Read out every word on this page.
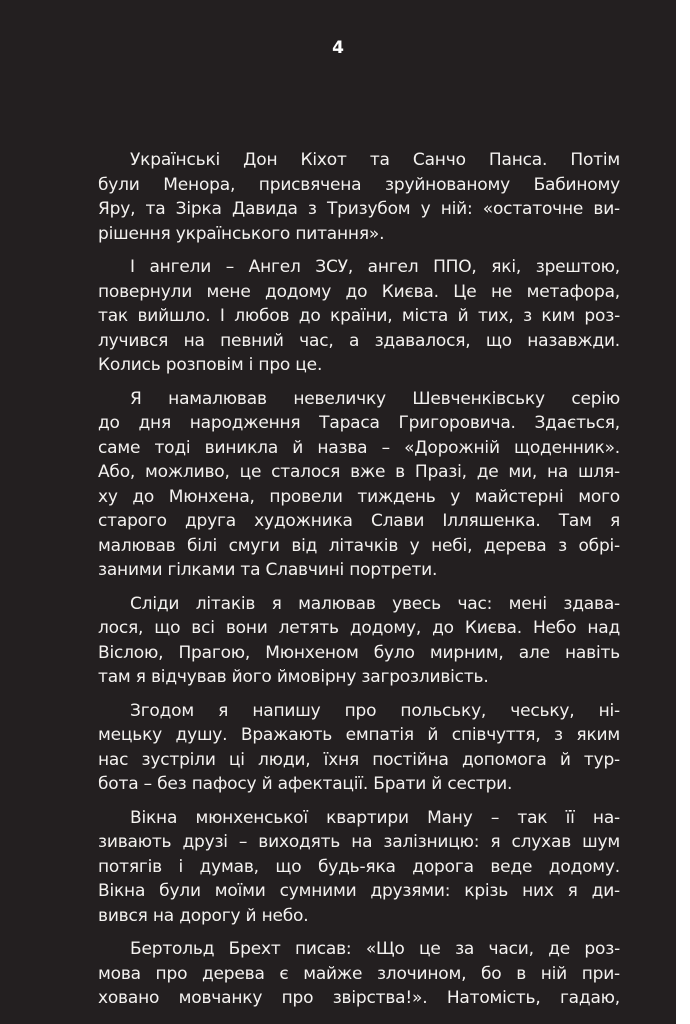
4
Українські Дон Кіхот та Санчо Панса. Потім
були Менора, присвячена зруйнованому Бабиному
Яру, та Зірка Давида з Тризубом у ній: «остаточне ви-
рішення українського питання».
І ангели – Ангел ЗСУ, ангел ППО, які, зрештою,
повернули мене додому до Києва. Це не метафора,
так вийшло. І любов до країни, міста й тих, з ким роз-
лучився на певний час, а здавалося, що назавжди.
Колись розповім і про це.
Я намалював невеличку Шевченківську серію
до дня народження Тараса Григоровича. Здається,
саме тоді виникла й назва – «Дорожній щоденник».
Або, можливо, це сталося вже в Празі, де ми, на шля-
ху до Мюнхена, провели тиждень у майстерні мого
старого друга художника Слави Ілляшенка. Там я
малював білі смуги від літачків у небі, дерева з обрі-
заними гілками та Славчині портрети.
Сліди літаків я малював увесь час: мені здава-
лося, що всі вони летять додому, до Києва. Небо над
Віслою, Прагою, Мюнхеном було мирним, але навіть
там я відчував його ймовірну загрозливість.
Згодом я напишу про польську, чеську, ні-
мецьку душу. Вражають емпатія й співчуття, з яким
нас зустріли ці люди, їхня постійна допомога й тур-
бота – без пафосу й афектації. Брати й сестри.
Вікна мюнхенської квартири Ману – так її на-
зивають друзі – виходять на залізницю: я слухав шум
потягів і думав, що будь-яка дорога веде додому.
Вікна були моїми сумними друзями: крізь них я ди-
вився на дорогу й небо.
Бертольд Брехт писав: «Що це за часи, де роз-
мова про дерева є майже злочином, бо в ній при-
ховано мовчанку про звірства!». Натомість, гадаю,
